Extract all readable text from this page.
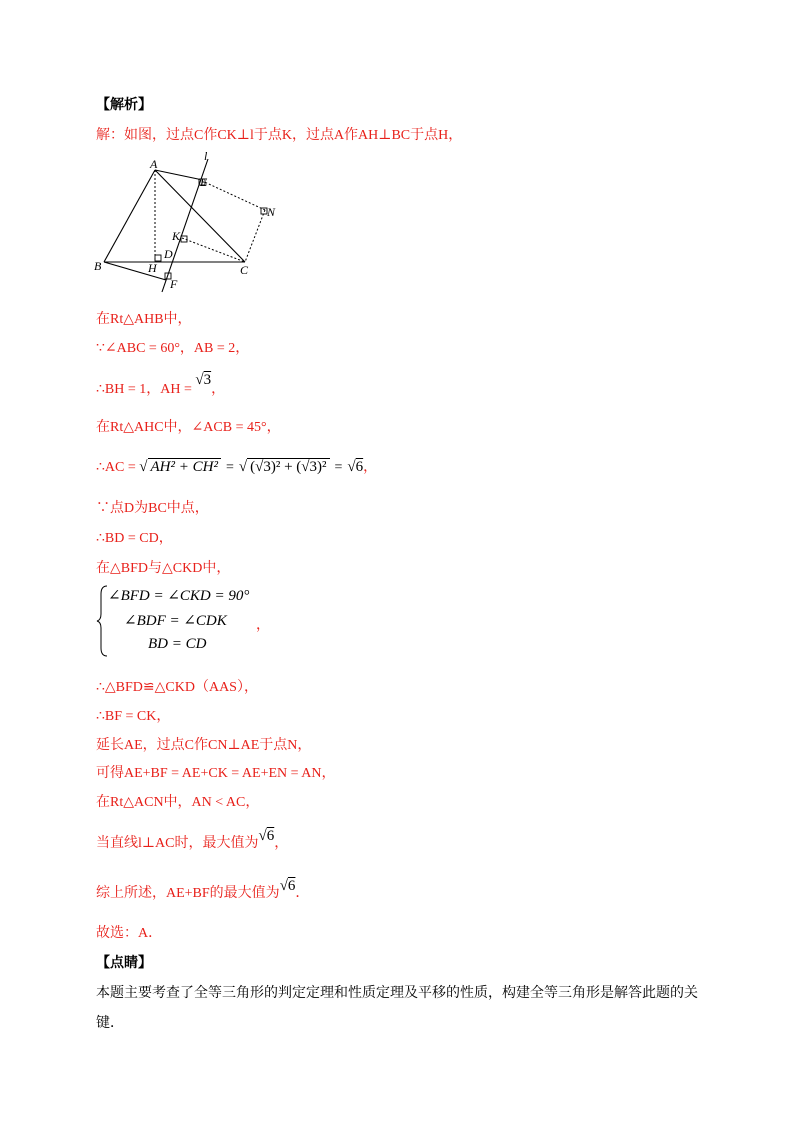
【解析】
解：如图，过点C作CK⊥l于点K，过点A作AH⊥BC于点H，
A
B	C
D
E
F
H
K
N
l
在Rt△AHB中，
∵∠ABC = 60°，AB = 2，
∴BH = 1，AH = √3，
在Rt△AHC中，∠ACB = 45°，
∴AC = √ AH² + CH² = √ (√3)² + (√3)² = √6，
∵点D为BC中点，
∴BD = CD，
在△BFD与△CKD中，
∠BFD = ∠CKD = 90°
∠BDF = ∠CDK
BD = CD
，
∴△BFD≌△CKD（AAS），
∴BF = CK，
延长AE，过点C作CN⊥AE于点N，
可得AE+BF = AE+CK = AE+EN = AN，
在Rt△ACN中，AN < AC，
当直线l⊥AC时，最大值为√6，
综上所述，AE+BF的最大值为√6．
故选：A．
【点睛】
本题主要考查了全等三角形的判定定理和性质定理及平移的性质，构建全等三角形是解答此题的关
键．
